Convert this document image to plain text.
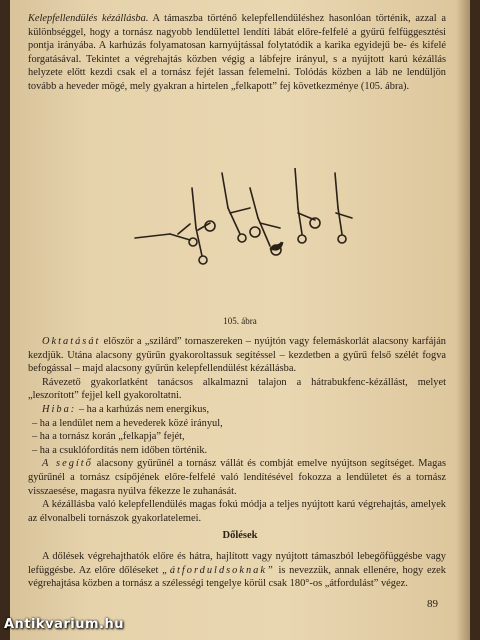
Kelepfellendülés kézállásba. A támaszba történő kelepfellendüléshez hasonlóan történik, azzal a különbséggel, hogy a tornász nagyobb lendülettel lendíti lábát előre-felfelé a gyűrű felfüggesztési pontja irányába. A karhúzás folyamatosan karnyújtással folytatódik a karika egyidejű be- és kifelé forgatásával. Tekintet a végrehajtás közben végig a lábfejre irányul, s a nyújtott karú kézállás helyzete előtt kezdi csak el a tornász fejét lassan felemelni. Tolódás közben a láb ne lendüljön tovább a heveder mögé, mely gyakran a hirtelen „felkapott” fej következménye (105. ábra).

105. ábra

Oktatását először a „szilárd” tornaszereken – nyújtón vagy felemáskorlát alacsony karfáján kezdjük. Utána alacsony gyűrűn gyakoroltassuk segítéssel – kezdetben a gyűrű felső szélét fogva befogással – majd alacsony gyűrűn kelepfellendülést kézállásba.

Rávezető gyakorlatként tanácsos alkalmazni talajon a hátrabukfenc-kézállást, melyet „leszorított” fejjel kell gyakoroltatni.

Hiba: – ha a karhúzás nem energikus,

– ha a lendület nem a hevederek közé irányul,

– ha a tornász korán „felkapja” fejét,

– ha a csuklófordítás nem időben történik.

A segítő alacsony gyűrűnél a tornász vállát és combját emelve nyújtson segítséget. Magas gyűrűnél a tornász csípőjének előre-felfelé való lendítésével fokozza a lendületet és a tornász visszaesése, magasra nyúlva fékezze le zuhanását.

A kézállásba való kelepfellendülés magas fokú módja a teljes nyújtott karú végrehajtás, amelyek az élvonalbeli tornászok gyakorlatelemei.

Dőlések

A dőlések végrehajthatók előre és hátra, hajlított vagy nyújtott támaszból lebegőfüggésbe vagy lefüggésbe. Az előre dőléseket „átforduldsoknak” is nevezzük, annak ellenére, hogy ezek végrehajtása közben a tornász a szélességi tengelye körül csak 180°-os „átfordulást” végez.

89
Antikvarium.hu
